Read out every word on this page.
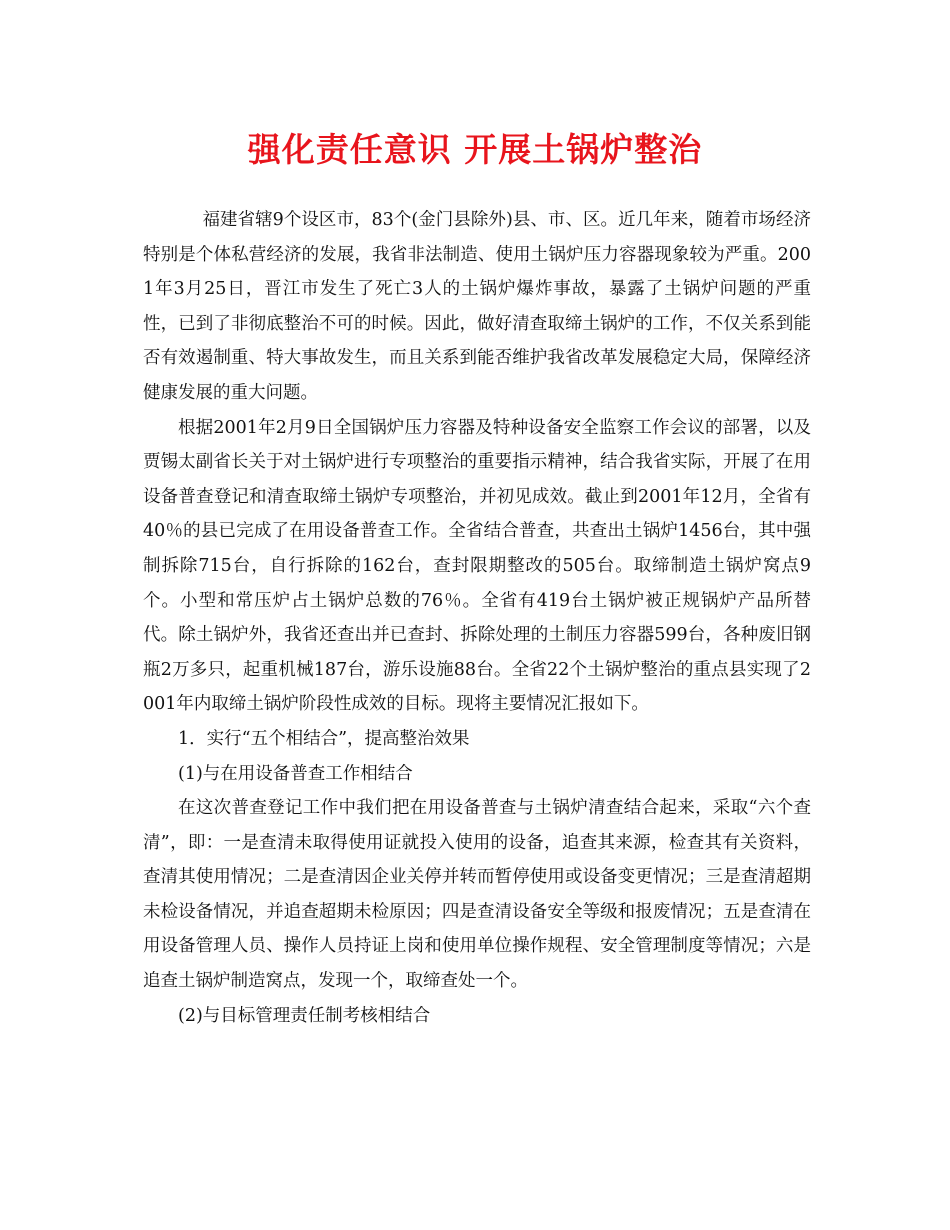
强化责任意识 开展土锅炉整治

福建省辖9个设区市，83个(金门县除外)县、市、区。近几年来，随着市场经济特别是个体私营经济的发展，我省非法制造、使用土锅炉压力容器现象较为严重。2001年3月25日，晋江市发生了死亡3人的土锅炉爆炸事故，暴露了土锅炉问题的严重性，已到了非彻底整治不可的时候。因此，做好清查取缔土锅炉的工作，不仅关系到能否有效遏制重、特大事故发生，而且关系到能否维护我省改革发展稳定大局，保障经济健康发展的重大问题。

根据2001年2月9日全国锅炉压力容器及特种设备安全监察工作会议的部署，以及贾锡太副省长关于对土锅炉进行专项整治的重要指示精神，结合我省实际，开展了在用设备普查登记和清查取缔土锅炉专项整治，并初见成效。截止到2001年12月，全省有40％的县已完成了在用设备普查工作。全省结合普查，共查出土锅炉1456台，其中强制拆除715台，自行拆除的162台，查封限期整改的505台。取缔制造土锅炉窝点9个。小型和常压炉占土锅炉总数的76％。全省有419台土锅炉被正规锅炉产品所替代。除土锅炉外，我省还查出并已查封、拆除处理的土制压力容器599台，各种废旧钢瓶2万多只，起重机械187台，游乐设施88台。全省22个土锅炉整治的重点县实现了2001年内取缔土锅炉阶段性成效的目标。现将主要情况汇报如下。

1．实行“五个相结合”，提高整治效果

(1)与在用设备普查工作相结合

在这次普查登记工作中我们把在用设备普查与土锅炉清查结合起来，采取“六个查清”，即：一是查清未取得使用证就投入使用的设备，追查其来源，检查其有关资料，查清其使用情况；二是查清因企业关停并转而暂停使用或设备变更情况；三是查清超期未检设备情况，并追查超期未检原因；四是查清设备安全等级和报废情况；五是查清在用设备管理人员、操作人员持证上岗和使用单位操作规程、安全管理制度等情况；六是追查土锅炉制造窝点，发现一个，取缔查处一个。

(2)与目标管理责任制考核相结合
